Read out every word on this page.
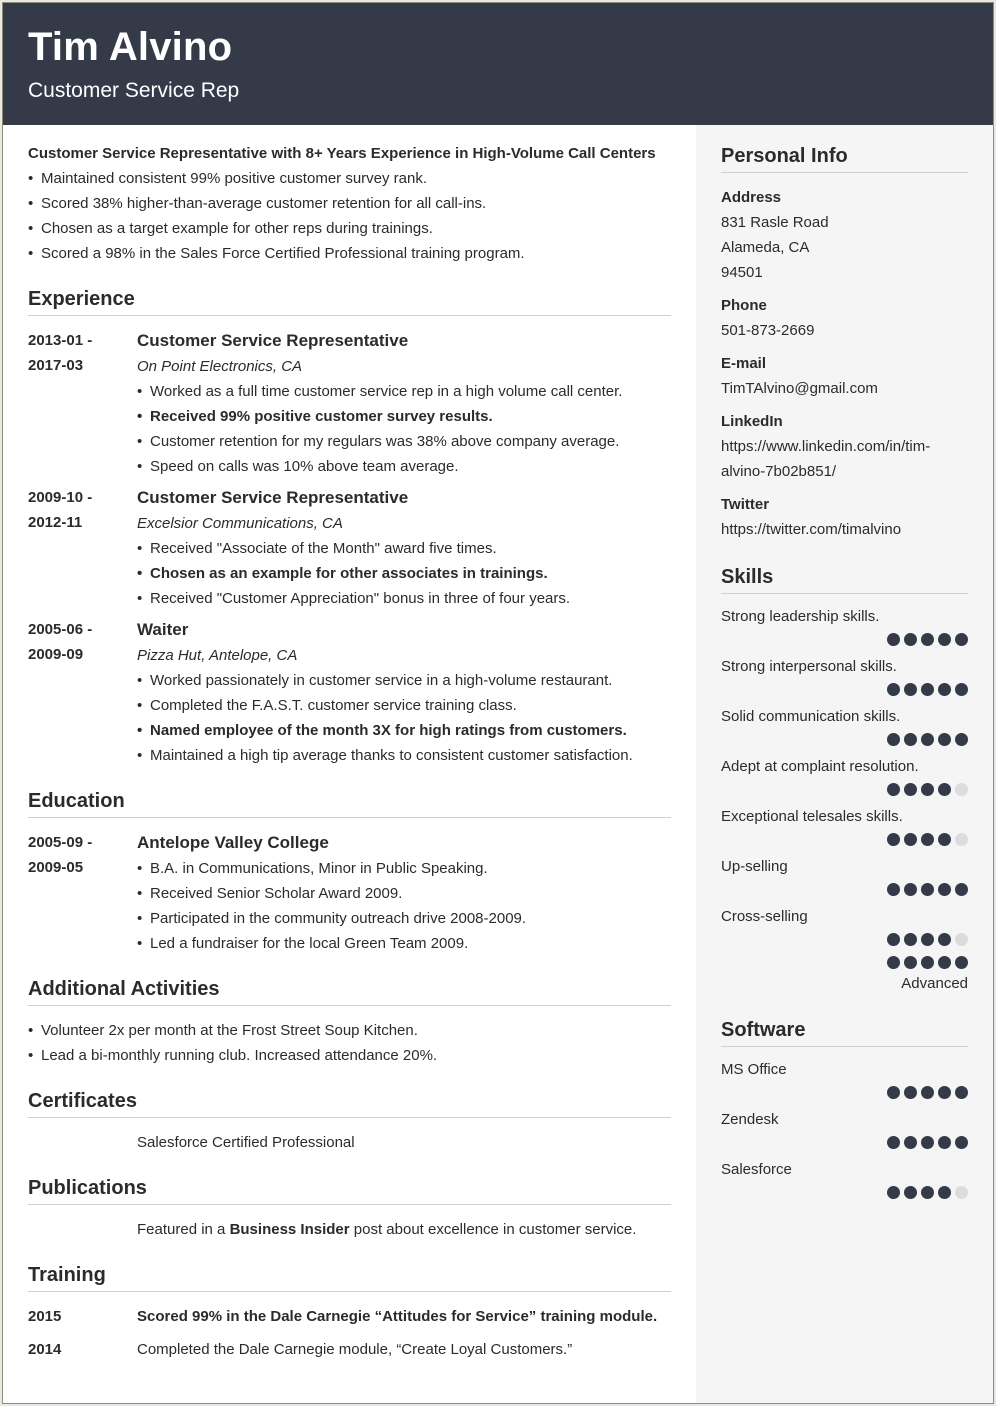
Tim Alvino
Customer Service Rep
Customer Service Representative with 8+ Years Experience in High-Volume Call Centers
• Maintained consistent 99% positive customer survey rank.
• Scored 38% higher-than-average customer retention for all call-ins.
• Chosen as a target example for other reps during trainings.
• Scored a 98% in the Sales Force Certified Professional training program.
Experience
2013-01 -
2017-03
Customer Service Representative
On Point Electronics, CA
• Worked as a full time customer service rep in a high volume call center.
• Received 99% positive customer survey results.
• Customer retention for my regulars was 38% above company average.
• Speed on calls was 10% above team average.
2009-10 -
2012-11
Customer Service Representative
Excelsior Communications, CA
• Received "Associate of the Month" award five times.
• Chosen as an example for other associates in trainings.
• Received "Customer Appreciation" bonus in three of four years.
2005-06 -
2009-09
Waiter
Pizza Hut, Antelope, CA
• Worked passionately in customer service in a high-volume restaurant.
• Completed the F.A.S.T. customer service training class.
• Named employee of the month 3X for high ratings from customers.
• Maintained a high tip average thanks to consistent customer satisfaction.
Education
2005-09 -
2009-05
Antelope Valley College
• B.A. in Communications, Minor in Public Speaking.
• Received Senior Scholar Award 2009.
• Participated in the community outreach drive 2008-2009.
• Led a fundraiser for the local Green Team 2009.
Additional Activities
• Volunteer 2x per month at the Frost Street Soup Kitchen.
• Lead a bi-monthly running club. Increased attendance 20%.
Certificates
Salesforce Certified Professional
Publications
Featured in a Business Insider post about excellence in customer service.
Training
2015	Scored 99% in the Dale Carnegie “Attitudes for Service” training module.
2014	Completed the Dale Carnegie module, “Create Loyal Customers.”
Personal Info
Address
831 Rasle Road
Alameda, CA
94501
Phone
501-873-2669
E-mail
TimTAlvino@gmail.com
LinkedIn
https://www.linkedin.com/in/tim-
alvino-7b02b851/
Twitter
https://twitter.com/timalvino
Skills
Strong leadership skills.
Strong interpersonal skills.
Solid communication skills.
Adept at complaint resolution.
Exceptional telesales skills.
Up-selling
Cross-selling
Advanced
Software
MS Office
Zendesk
Salesforce
